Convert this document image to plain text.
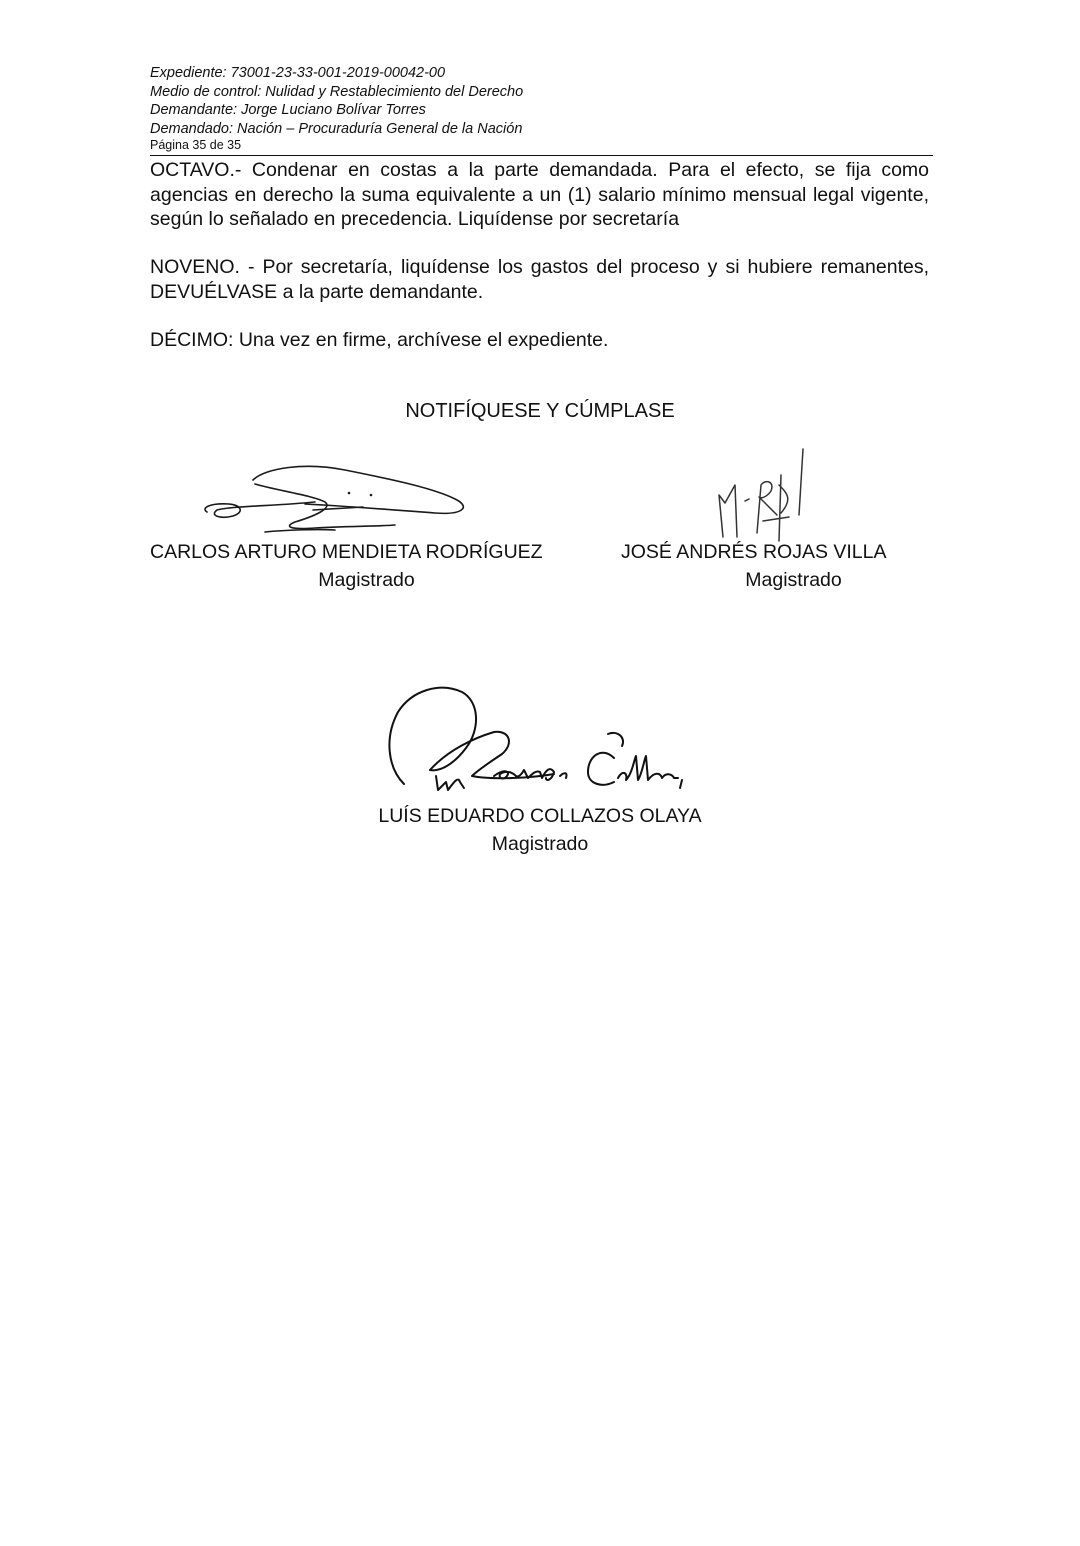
Expediente: 73001-23-33-001-2019-00042-00

Medio de control: Nulidad y Restablecimiento del Derecho

Demandante: Jorge Luciano Bolívar Torres

Demandado: Nación – Procuraduría General de la Nación

Página 35 de 35

OCTAVO.- Condenar en costas a la parte demandada. Para el efecto, se fija como agencias en derecho la suma equivalente a un (1) salario mínimo mensual legal vigente, según lo señalado en precedencia. Liquídense por secretaría

NOVENO. - Por secretaría, liquídense los gastos del proceso y si hubiere remanentes, DEVUÉLVASE a la parte demandante.

DÉCIMO: Una vez en firme, archívese el expediente.

NOTIFÍQUESE Y CÚMPLASE

CARLOS ARTURO MENDIETA RODRÍGUEZ

Magistrado

JOSÉ ANDRÉS ROJAS VILLA

Magistrado

LUÍS EDUARDO COLLAZOS OLAYA

Magistrado
